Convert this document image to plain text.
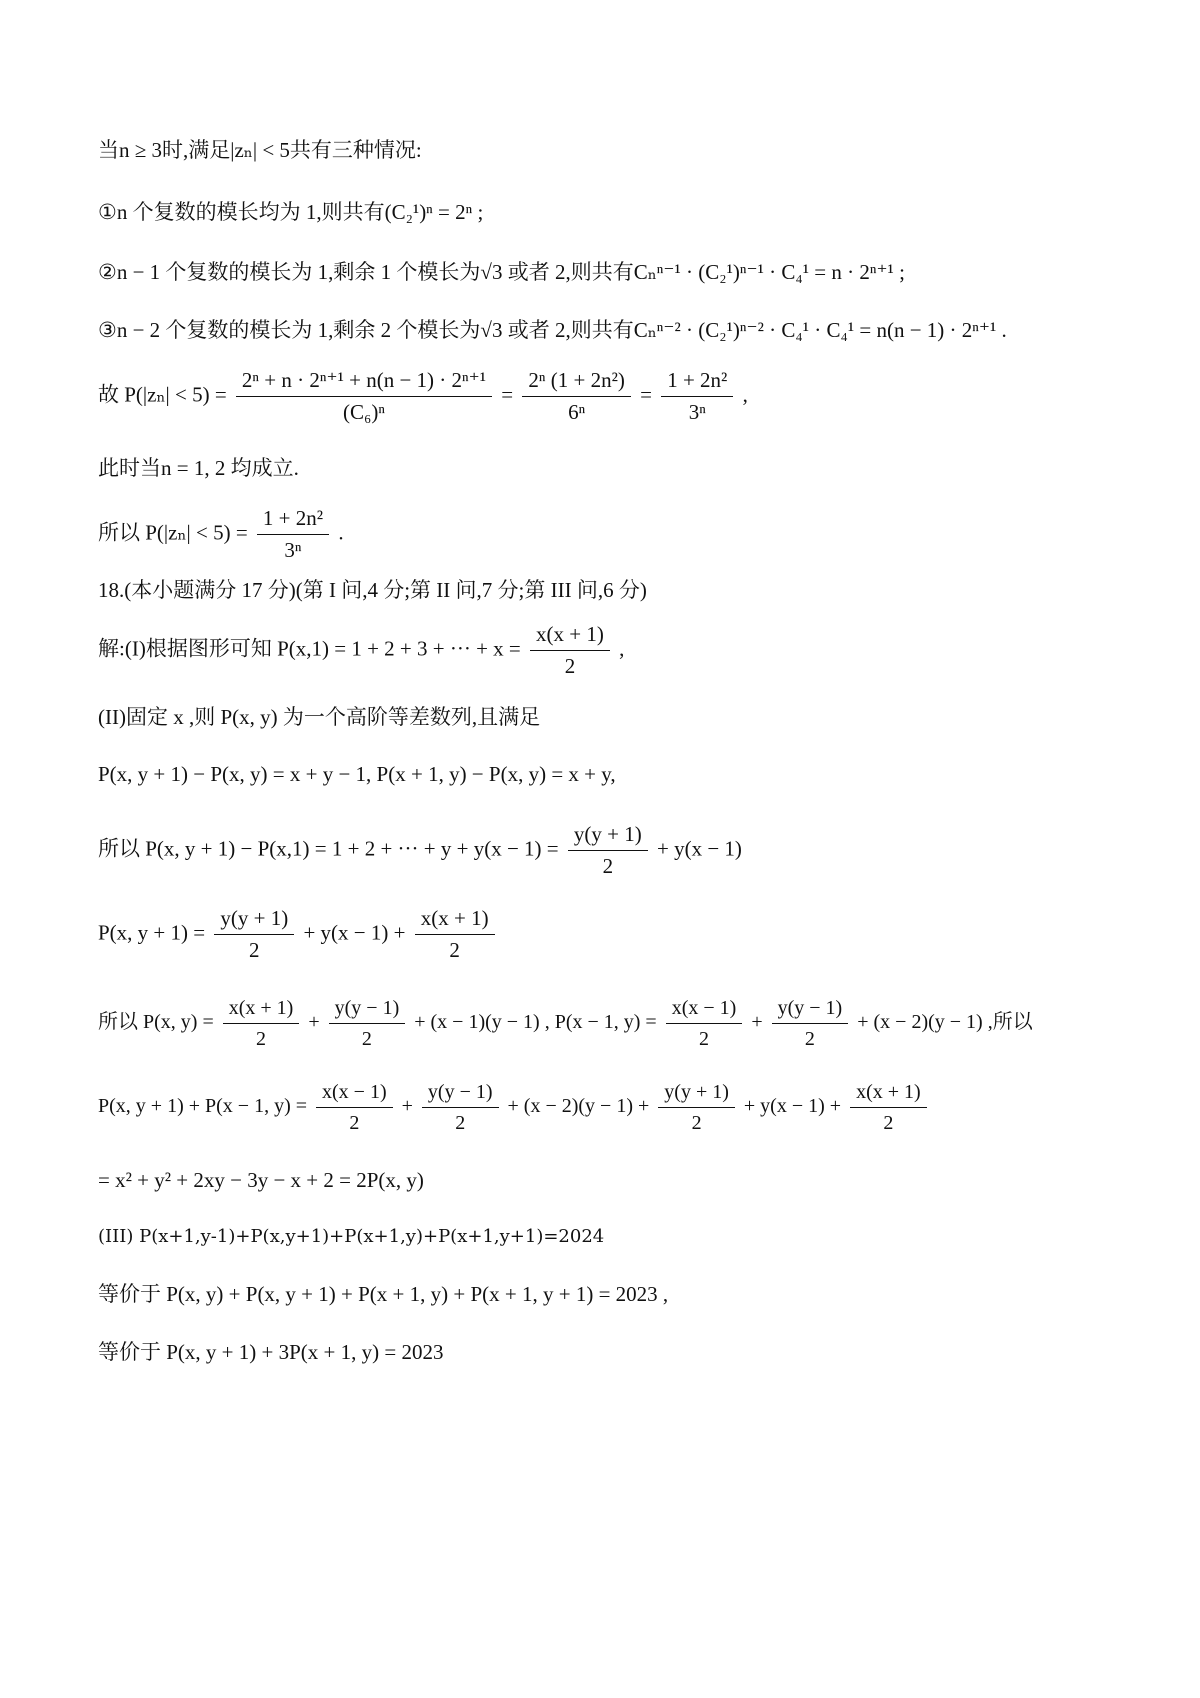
当n ≥ 3时,满足|zₙ| < 5共有三种情况:
①n 个复数的模长均为 1,则共有(C₂¹)ⁿ = 2ⁿ ;
②n − 1 个复数的模长为 1,剩余 1 个模长为√3 或者 2,则共有Cₙⁿ⁻¹ · (C₂¹)ⁿ⁻¹ · C₄¹ = n · 2ⁿ⁺¹ ;
③n − 2 个复数的模长为 1,剩余 2 个模长为√3 或者 2,则共有Cₙⁿ⁻² · (C₂¹)ⁿ⁻² · C₄¹ · C₄¹ = n(n − 1) · 2ⁿ⁺¹ .
故 $P(|z_n| < 5) = \frac{\text{2ⁿ + n · 2ⁿ⁺¹ + n(n − 1) · 2ⁿ⁺¹}}{\text{(C₆)ⁿ}} = \frac{\text{2ⁿ (1 + 2n²)}}{\text{6ⁿ}} = \frac{\text{1 + 2n²}}{\text{3ⁿ}}$ ,
此时当n = 1, 2 均成立.
所以 $P(|z_n| < 5) = \frac{\text{1 + 2n²}}{\text{3ⁿ}}$ .
18.(本小题满分 17 分)(第 I 问,4 分;第 II 问,7 分;第 III 问,6 分)
解:(I)根据图形可知 P(x,1) = 1 + 2 + 3 + ··· + $x = \frac{x(x + 1)}{2}$ ,
(II)固定 x ,则 P(x, y) 为一个高阶等差数列,且满足
P(x, y + 1) − P(x, y) = x + y − 1, P(x + 1, y) − P(x, y) = x + y,
所以 P(x, y + 1) − P(x,1) = 1 + 2 + ··· + $y + y(x - 1) = \frac{y(y + 1)}{2} + y(x - 1)$
P(x, $y + 1) = \frac{y(y + 1)}{2} + y(x - 1) + \frac{x(x + 1)}{2}$
所以 P(x, $y) = \frac{x(x + 1)}{2} + \frac{y(y - 1)}{2} + (x - 1)(y - 1)$ , P(x − 1, $y) = \frac{x(x - 1)}{2} + \frac{y(y - 1)}{2} + (x - 2)(y - 1)$ ,所以
P(x, y + 1) + P(x − 1, $y) = \frac{x(x - 1)}{2} + \frac{y(y - 1)}{2} + (x - 2)(y - 1) + \frac{y(y + 1)}{2} + y(x - 1) + \frac{x(x + 1)}{2}$
= x² + y² + 2xy − 3y − x + 2 = 2P(x, y)
(III) P(x+1,y-1)+P(x,y+1)+P(x+1,y)+P(x+1,y+1)=2024
等价于 P(x, y) + P(x, y + 1) + P(x + 1, y) + P(x + 1, y + 1) = 2023 ,
等价于 P(x, y + 1) + 3P(x + 1, y) = 2023
